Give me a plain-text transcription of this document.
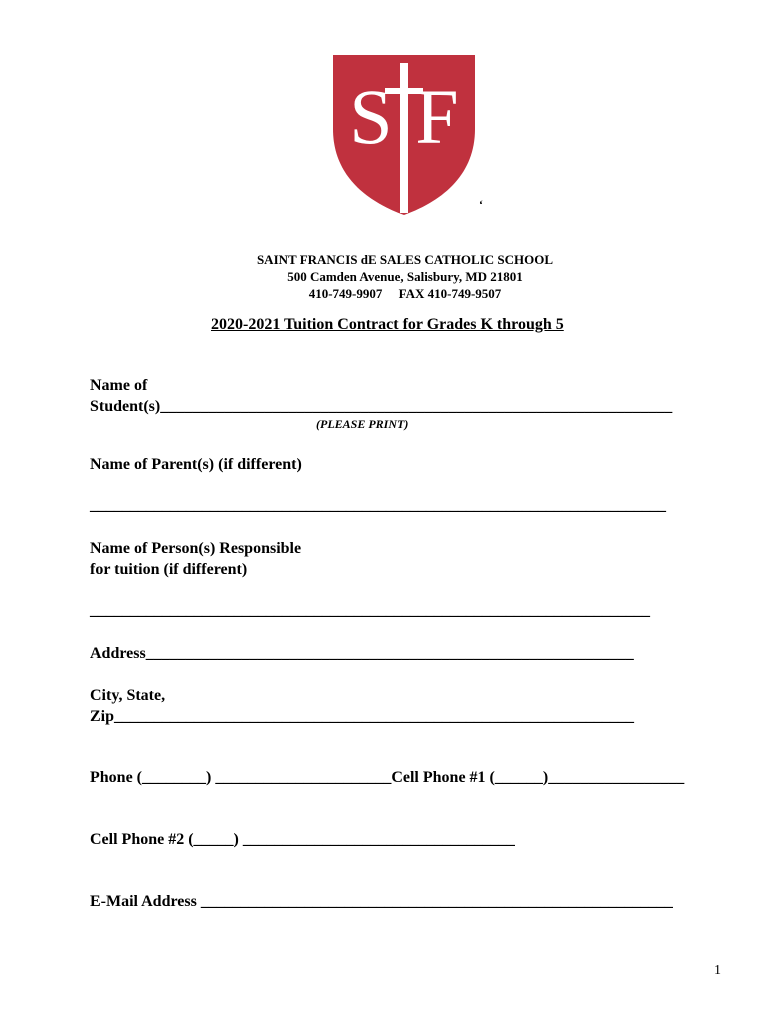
S F
‘
SAINT FRANCIS dE SALES CATHOLIC SCHOOL
500 Camden Avenue, Salisbury, MD 21801
410-749-9907     FAX 410-749-9507
2020-2021 Tuition Contract for Grades K through 5
Name of
Student(s)________________________________________________________________
(PLEASE PRINT)
Name of Parent(s) (if different)
________________________________________________________________________
Name of Person(s) Responsible
for tuition (if different)
______________________________________________________________________
Address_____________________________________________________________
City, State,
Zip_________________________________________________________________
Phone (________) ______________________Cell Phone #1 (______)_________________
Cell Phone #2 (_____) __________________________________
E-Mail Address ___________________________________________________________
1
